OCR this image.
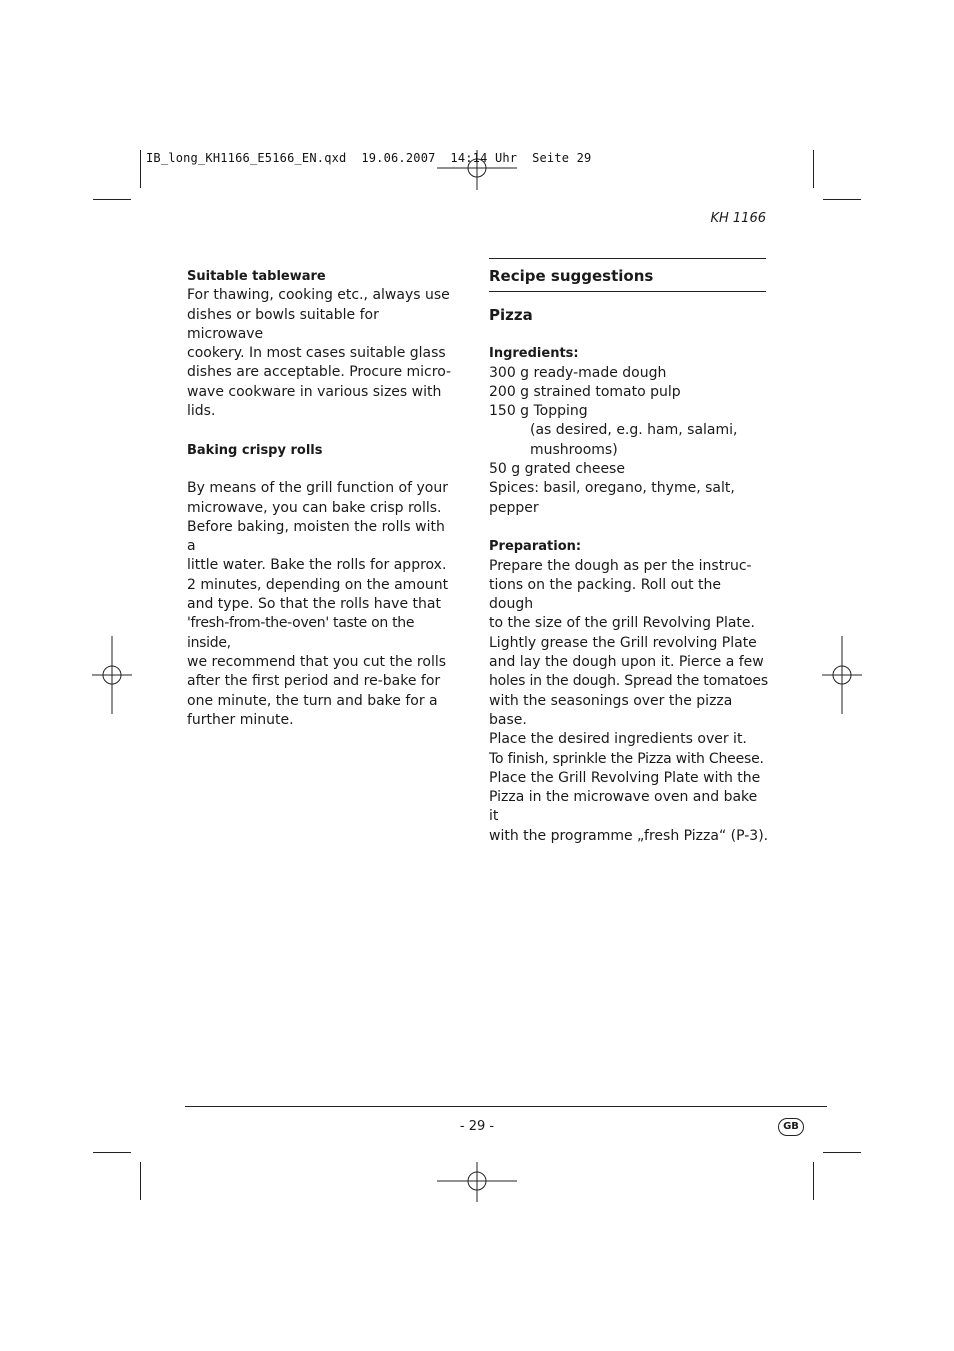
IB_long_KH1166_E5166_EN.qxd  19.06.2007  14:14 Uhr  Seite 29
KH 1166

Suitable tableware

For thawing, cooking etc., always use

dishes or bowls suitable for microwave

cookery. In most cases suitable glass

dishes are acceptable. Procure micro-

wave cookware in various sizes with

lids.

Baking crispy rolls

By means of the grill function of your

microwave, you can bake crisp rolls.

Before baking, moisten the rolls with a

little water. Bake the rolls for approx.

2 minutes, depending on the amount

and type. So that the rolls have that

'fresh-from-the-oven' taste on the inside,

we recommend that you cut the rolls

after the first period and re-bake for

one minute, the turn and bake for a

further minute.

Recipe suggestions

Pizza

Ingredients:

300 g ready-made dough

200 g strained tomato pulp

150 g Topping

(as desired, e.g. ham, salami,

mushrooms)

50 g grated cheese

Spices: basil, oregano, thyme, salt,

pepper

Preparation:

Prepare the dough as per the instruc-

tions on the packing. Roll out the dough

to the size of the grill Revolving Plate.

Lightly grease the Grill revolving Plate

and lay the dough upon it. Pierce a few

holes in the dough. Spread the tomatoes

with the seasonings over the pizza base.

Place the desired ingredients over it.

To finish, sprinkle the Pizza with Cheese.

Place the Grill Revolving Plate with the

Pizza in the microwave oven and bake it

with the programme „fresh Pizza“ (P-3).

- 29 -	GB
